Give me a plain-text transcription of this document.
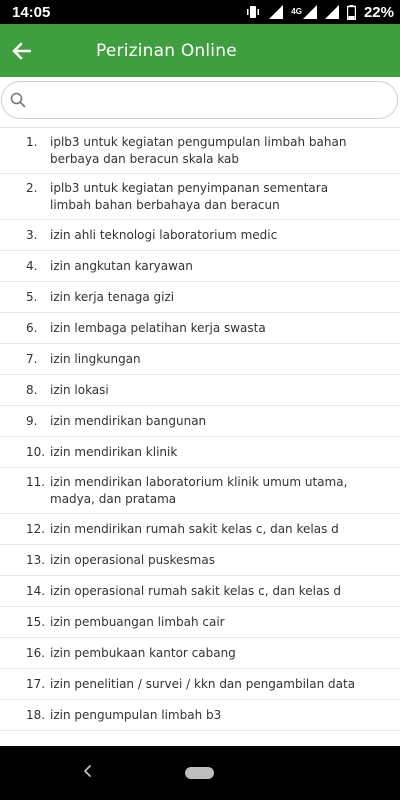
14:05	4G	22%
Perizinan Online
1.	iplb3 untuk kegiatan pengumpulan limbah bahan berbaya dan beracun skala kab
2.	iplb3 untuk kegiatan penyimpanan sementara limbah bahan berbahaya dan beracun
3.	izin ahli teknologi laboratorium medic
4.	izin angkutan karyawan
5.	izin kerja tenaga gizi
6.	izin lembaga pelatihan kerja swasta
7.	izin lingkungan
8.	izin lokasi
9.	izin mendirikan bangunan
10. izin mendirikan klinik
11. izin mendirikan laboratorium klinik umum utama, madya, dan pratama
12. izin mendirikan rumah sakit kelas c, dan kelas d
13. izin operasional puskesmas
14. izin operasional rumah sakit kelas c, dan kelas d
15. izin pembuangan limbah cair
16. izin pembukaan kantor cabang
17. izin penelitian / survei / kkn dan pengambilan data
18. izin pengumpulan limbah b3
